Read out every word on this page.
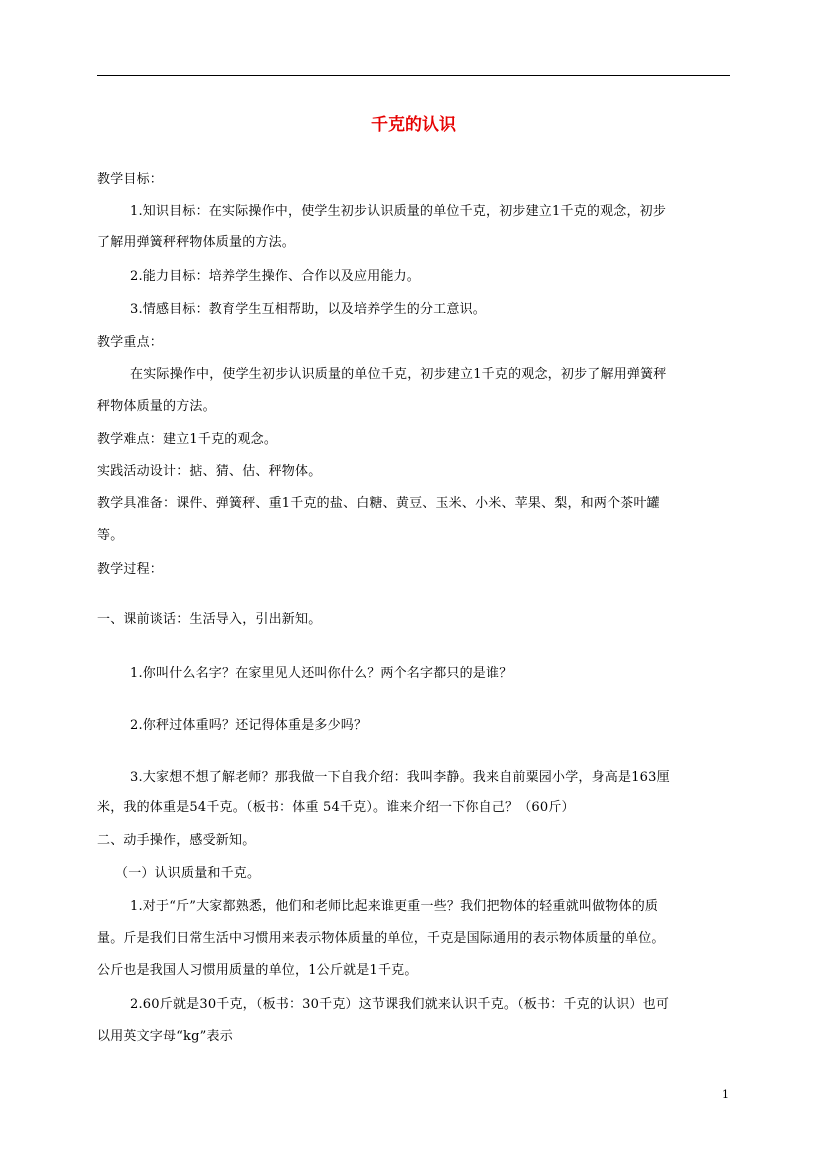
千克的认识
教学目标：
1.知识目标：在实际操作中，使学生初步认识质量的单位千克，初步建立1千克的观念，初步
了解用弹簧秤秤物体质量的方法。
2.能力目标：培养学生操作、合作以及应用能力。
3.情感目标：教育学生互相帮助，以及培养学生的分工意识。
教学重点：
在实际操作中，使学生初步认识质量的单位千克，初步建立1千克的观念，初步了解用弹簧秤
秤物体质量的方法。
教学难点：建立1千克的观念。
实践活动设计：掂、猜、估、秤物体。
教学具准备：课件、弹簧秤、重1千克的盐、白糖、黄豆、玉米、小米、苹果、梨，和两个茶叶罐
等。
教学过程：
一、课前谈话：生活导入，引出新知。
1.你叫什么名字？在家里见人还叫你什么？两个名字都只的是谁？
2.你秤过体重吗？还记得体重是多少吗？
3.大家想不想了解老师？那我做一下自我介绍：我叫李静。我来自前粟园小学，身高是163厘
米，我的体重是54千克。（板书：体重 54千克）。谁来介绍一下你自己？（60斤）
二、动手操作，感受新知。
（一）认识质量和千克。
1.对于“斤”大家都熟悉，他们和老师比起来谁更重一些？我们把物体的轻重就叫做物体的质
量。斤是我们日常生活中习惯用来表示物体质量的单位，千克是国际通用的表示物体质量的单位。
公斤也是我国人习惯用质量的单位，1公斤就是1千克。
2.60斤就是30千克，（板书：30千克）这节课我们就来认识千克。（板书：千克的认识）也可
以用英文字母“kg”表示
1
